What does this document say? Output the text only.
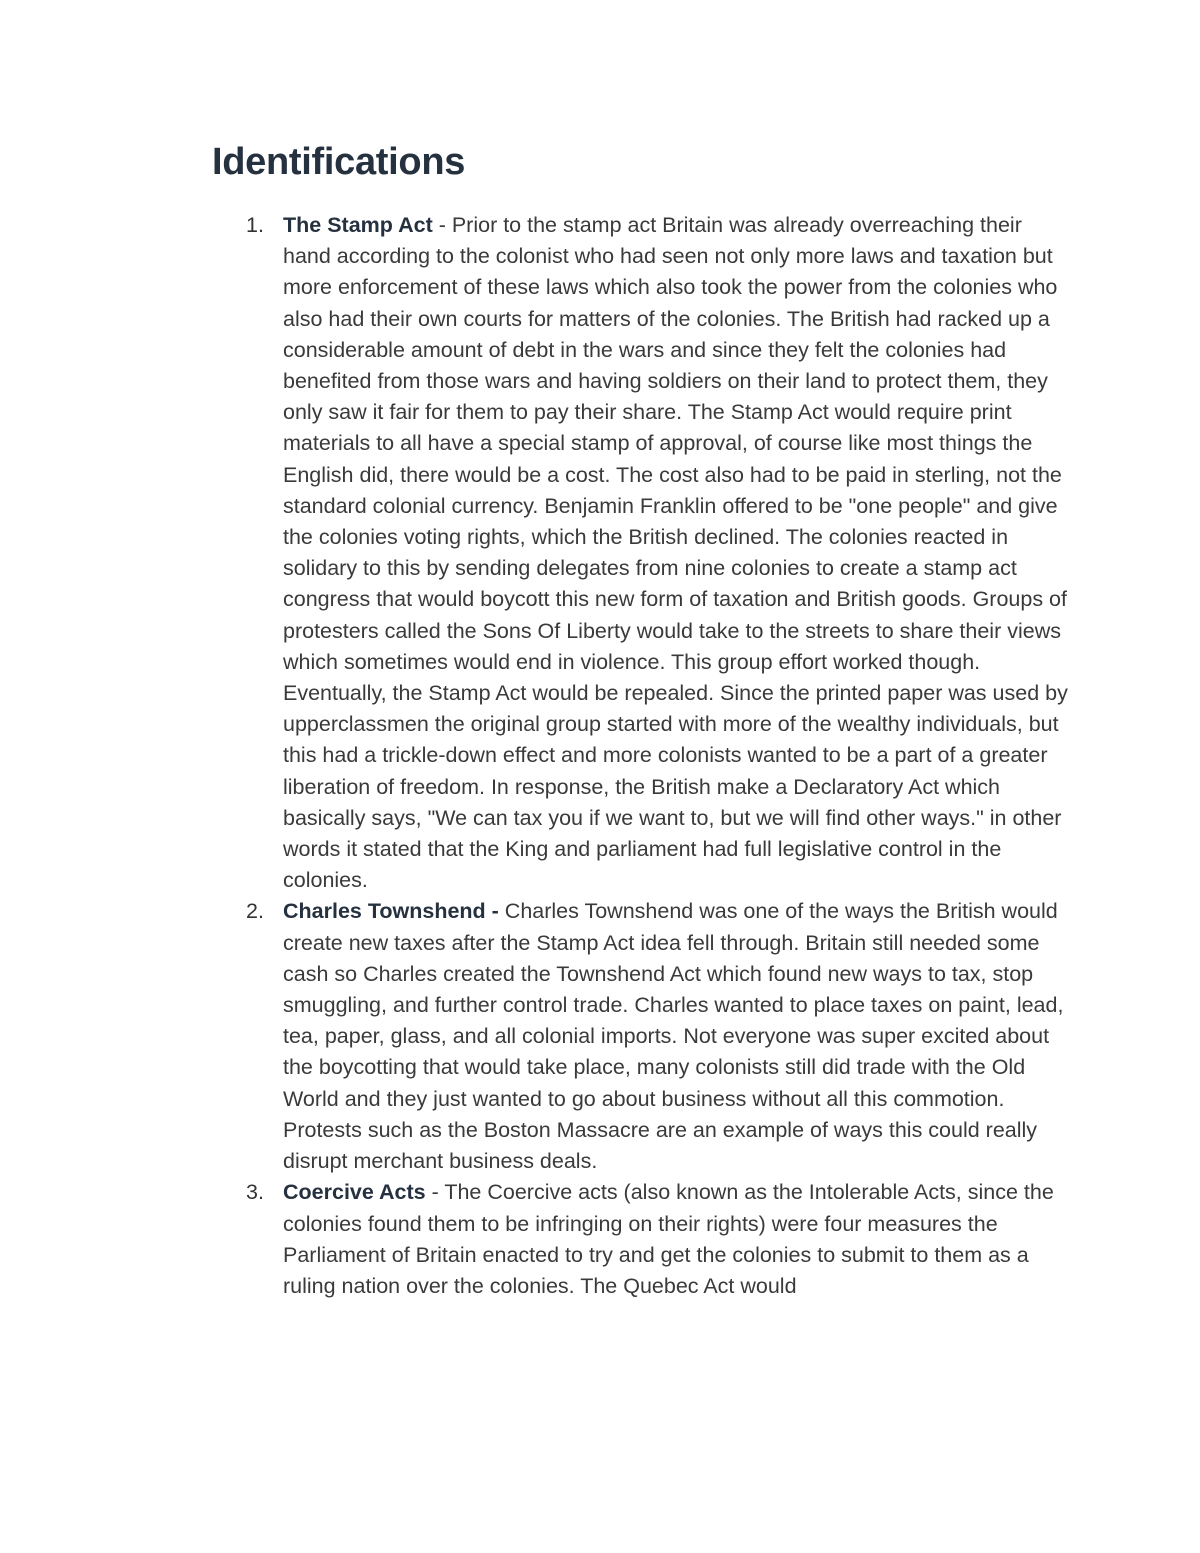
Identifications
1. The Stamp Act - Prior to the stamp act Britain was already overreaching their hand according to the colonist who had seen not only more laws and taxation but more enforcement of these laws which also took the power from the colonies who also had their own courts for matters of the colonies. The British had racked up a considerable amount of debt in the wars and since they felt the colonies had benefited from those wars and having soldiers on their land to protect them, they only saw it fair for them to pay their share. The Stamp Act would require print materials to all have a special stamp of approval, of course like most things the English did, there would be a cost. The cost also had to be paid in sterling, not the standard colonial currency. Benjamin Franklin offered to be "one people" and give the colonies voting rights, which the British declined. The colonies reacted in solidary to this by sending delegates from nine colonies to create a stamp act congress that would boycott this new form of taxation and British goods. Groups of protesters called the Sons Of Liberty would take to the streets to share their views which sometimes would end in violence. This group effort worked though. Eventually, the Stamp Act would be repealed. Since the printed paper was used by upperclassmen the original group started with more of the wealthy individuals, but this had a trickle-down effect and more colonists wanted to be a part of a greater liberation of freedom. In response, the British make a Declaratory Act which basically says, "We can tax you if we want to, but we will find other ways." in other words it stated that the King and parliament had full legislative control in the colonies.
2. Charles Townshend - Charles Townshend was one of the ways the British would create new taxes after the Stamp Act idea fell through. Britain still needed some cash so Charles created the Townshend Act which found new ways to tax, stop smuggling, and further control trade. Charles wanted to place taxes on paint, lead, tea, paper, glass, and all colonial imports. Not everyone was super excited about the boycotting that would take place, many colonists still did trade with the Old World and they just wanted to go about business without all this commotion. Protests such as the Boston Massacre are an example of ways this could really disrupt merchant business deals.
3. Coercive Acts - The Coercive acts (also known as the Intolerable Acts, since the colonies found them to be infringing on their rights) were four measures the Parliament of Britain enacted to try and get the colonies to submit to them as a ruling nation over the colonies. The Quebec Act would
